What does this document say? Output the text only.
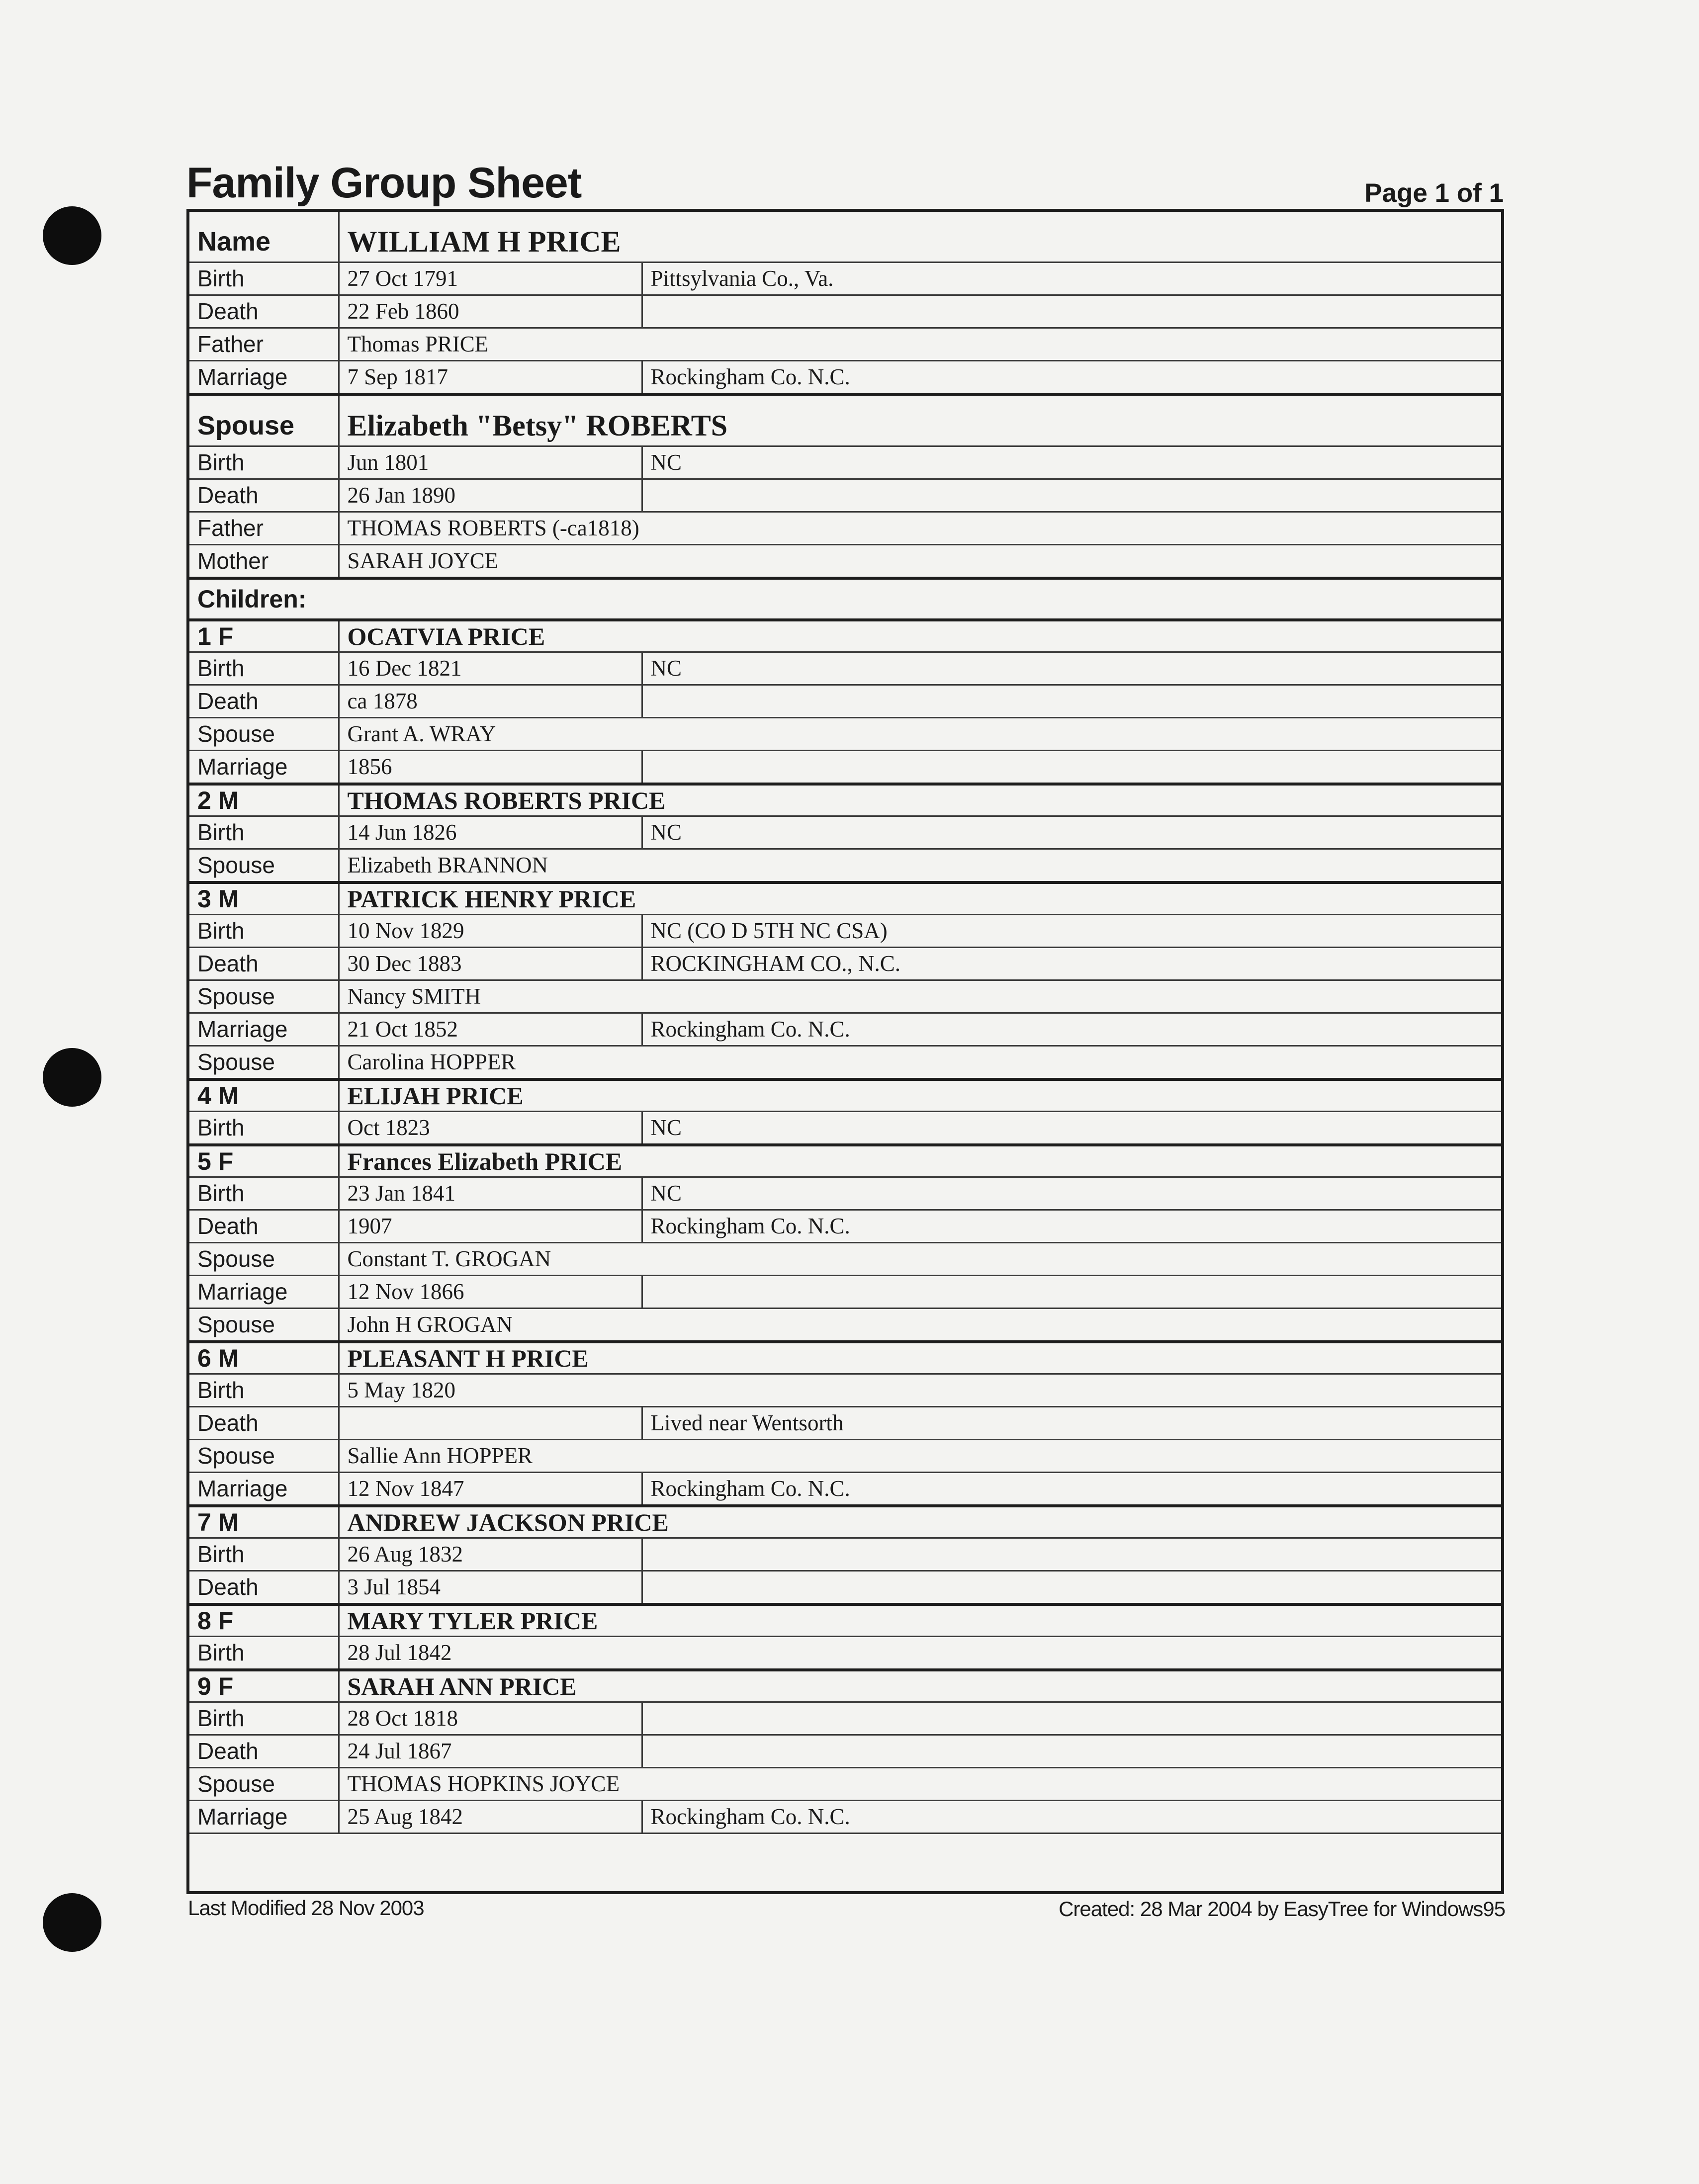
Family Group Sheet	Page 1 of 1
Name	WILLIAM H PRICE	
Birth	27 Oct 1791	Pittsylvania Co., Va.
Death	22 Feb 1860	
Father	Thomas PRICE	
Marriage	7 Sep 1817	Rockingham Co. N.C.
Spouse	Elizabeth "Betsy" ROBERTS	
Birth	Jun 1801	NC
Death	26 Jan 1890	
Father	THOMAS ROBERTS (-ca1818)	
Mother	SARAH JOYCE	
Children:		
1 F	OCATVIA PRICE	
Birth	16 Dec 1821	NC
Death	ca 1878	
Spouse	Grant A. WRAY	
Marriage	1856	
2 M	THOMAS ROBERTS PRICE	
Birth	14 Jun 1826	NC
Spouse	Elizabeth BRANNON	
3 M	PATRICK HENRY PRICE	
Birth	10 Nov 1829	NC (CO D 5TH NC CSA)
Death	30 Dec 1883	ROCKINGHAM CO., N.C.
Spouse	Nancy SMITH	
Marriage	21 Oct 1852	Rockingham Co. N.C.
Spouse	Carolina HOPPER	
4 M	ELIJAH PRICE	
Birth	Oct 1823	NC
5 F	Frances Elizabeth PRICE	
Birth	23 Jan 1841	NC
Death	1907	Rockingham Co. N.C.
Spouse	Constant T. GROGAN	
Marriage	12 Nov 1866	
Spouse	John H GROGAN	
6 M	PLEASANT H PRICE	
Birth	5 May 1820	
Death		Lived near Wentsorth
Spouse	Sallie Ann HOPPER	
Marriage	12 Nov 1847	Rockingham Co. N.C.
7 M	ANDREW JACKSON PRICE	
Birth	26 Aug 1832	
Death	3 Jul 1854	
8 F	MARY TYLER PRICE	
Birth	28 Jul 1842	
9 F	SARAH ANN PRICE	
Birth	28 Oct 1818	
Death	24 Jul 1867	
Spouse	THOMAS HOPKINS JOYCE	
Marriage	25 Aug 1842	Rockingham Co. N.C.

Last Modified 28 Nov 2003	Created: 28 Mar 2004 by EasyTree for Windows95
